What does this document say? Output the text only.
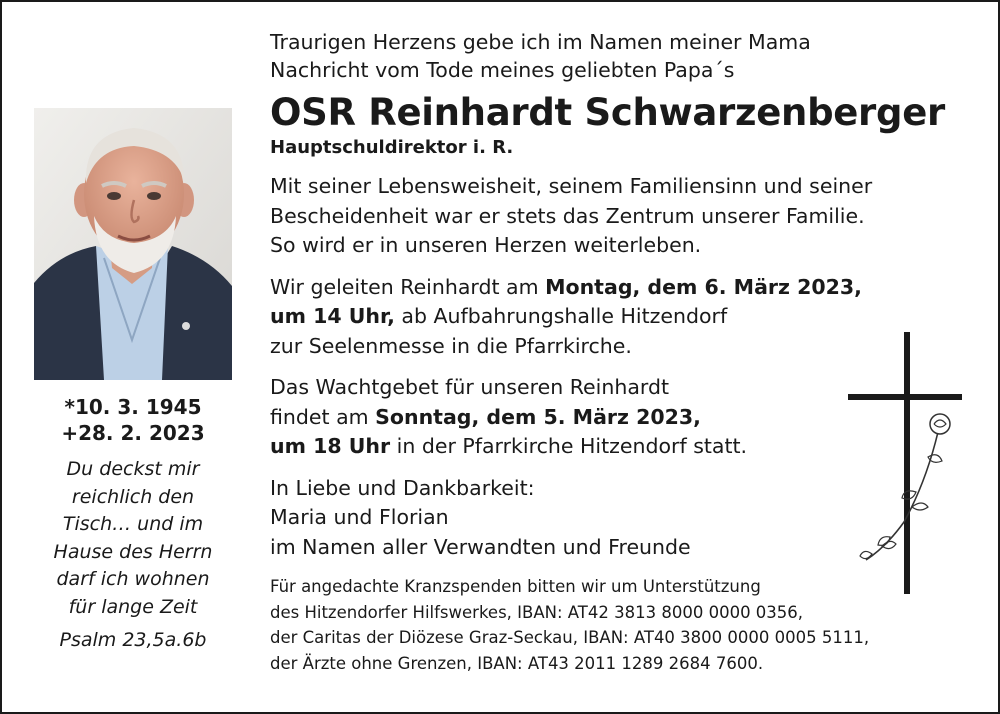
*10. 3. 1945
+28. 2. 2023
Du deckst mir
reichlich den
Tisch… und im
Hause des Herrn
darf ich wohnen
für lange Zeit
Psalm 23,5a.6b
Traurigen Herzens gebe ich im Namen meiner Mama
Nachricht vom Tode meines geliebten Papa´s
OSR Reinhardt Schwarzenberger
Hauptschuldirektor i. R.
Mit seiner Lebensweisheit, seinem Familiensinn und seiner
Bescheidenheit war er stets das Zentrum unserer Familie.
So wird er in unseren Herzen weiterleben.
Wir geleiten Reinhardt am Montag, dem 6. März 2023,
um 14 Uhr, ab Aufbahrungshalle Hitzendorf
zur Seelenmesse in die Pfarrkirche.
Das Wachtgebet für unseren Reinhardt
findet am Sonntag, dem 5. März 2023,
um 18 Uhr in der Pfarrkirche Hitzendorf statt.
In Liebe und Dankbarkeit:
Maria und Florian
im Namen aller Verwandten und Freunde
Für angedachte Kranzspenden bitten wir um Unterstützung
des Hitzendorfer Hilfswerkes, IBAN: AT42 3813 8000 0000 0356,
der Caritas der Diözese Graz-Seckau, IBAN: AT40 3800 0000 0005 5111,
der Ärzte ohne Grenzen, IBAN: AT43 2011 1289 2684 7600.
